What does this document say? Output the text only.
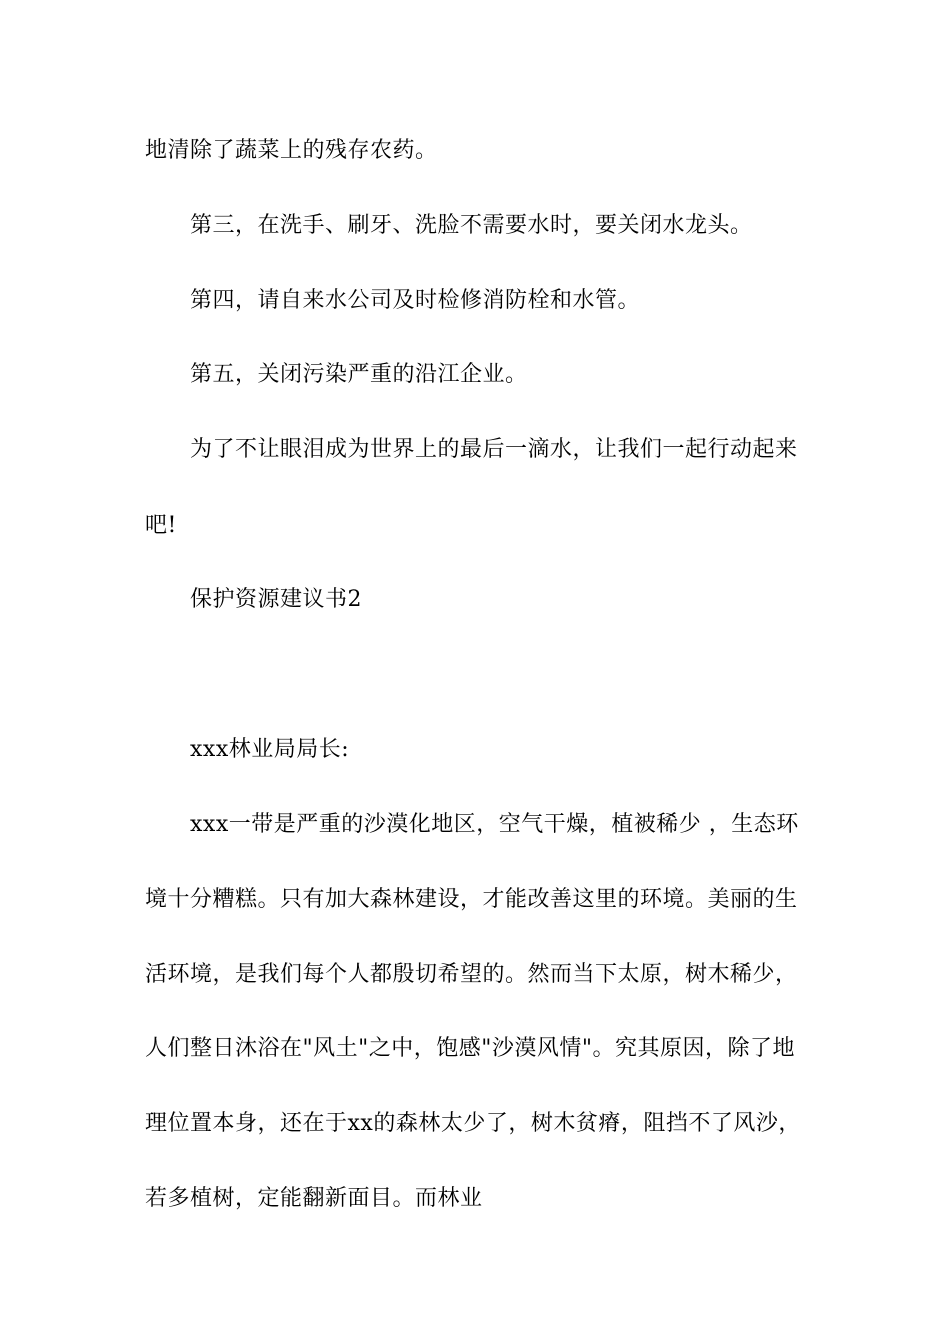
地清除了蔬菜上的残存农药。
第三，在洗手、刷牙、洗脸不需要水时，要关闭水龙头。
第四，请自来水公司及时检修消防栓和水管。
第五，关闭污染严重的沿江企业。
为了不让眼泪成为世界上的最后一滴水，让我们一起行动起来
吧!
保护资源建议书2
xxx林业局局长:
xxx一带是严重的沙漠化地区，空气干燥，植被稀少 ，生态环
境十分糟糕。只有加大森林建设，才能改善这里的环境。美丽的生
活环境，是我们每个人都殷切希望的。然而当下太原，树木稀少，
人们整日沐浴在"风土"之中，饱感"沙漠风情"。究其原因，除了地
理位置本身，还在于xx的森林太少了，树木贫瘠，阻挡不了风沙，
若多植树，定能翻新面目。而林业
